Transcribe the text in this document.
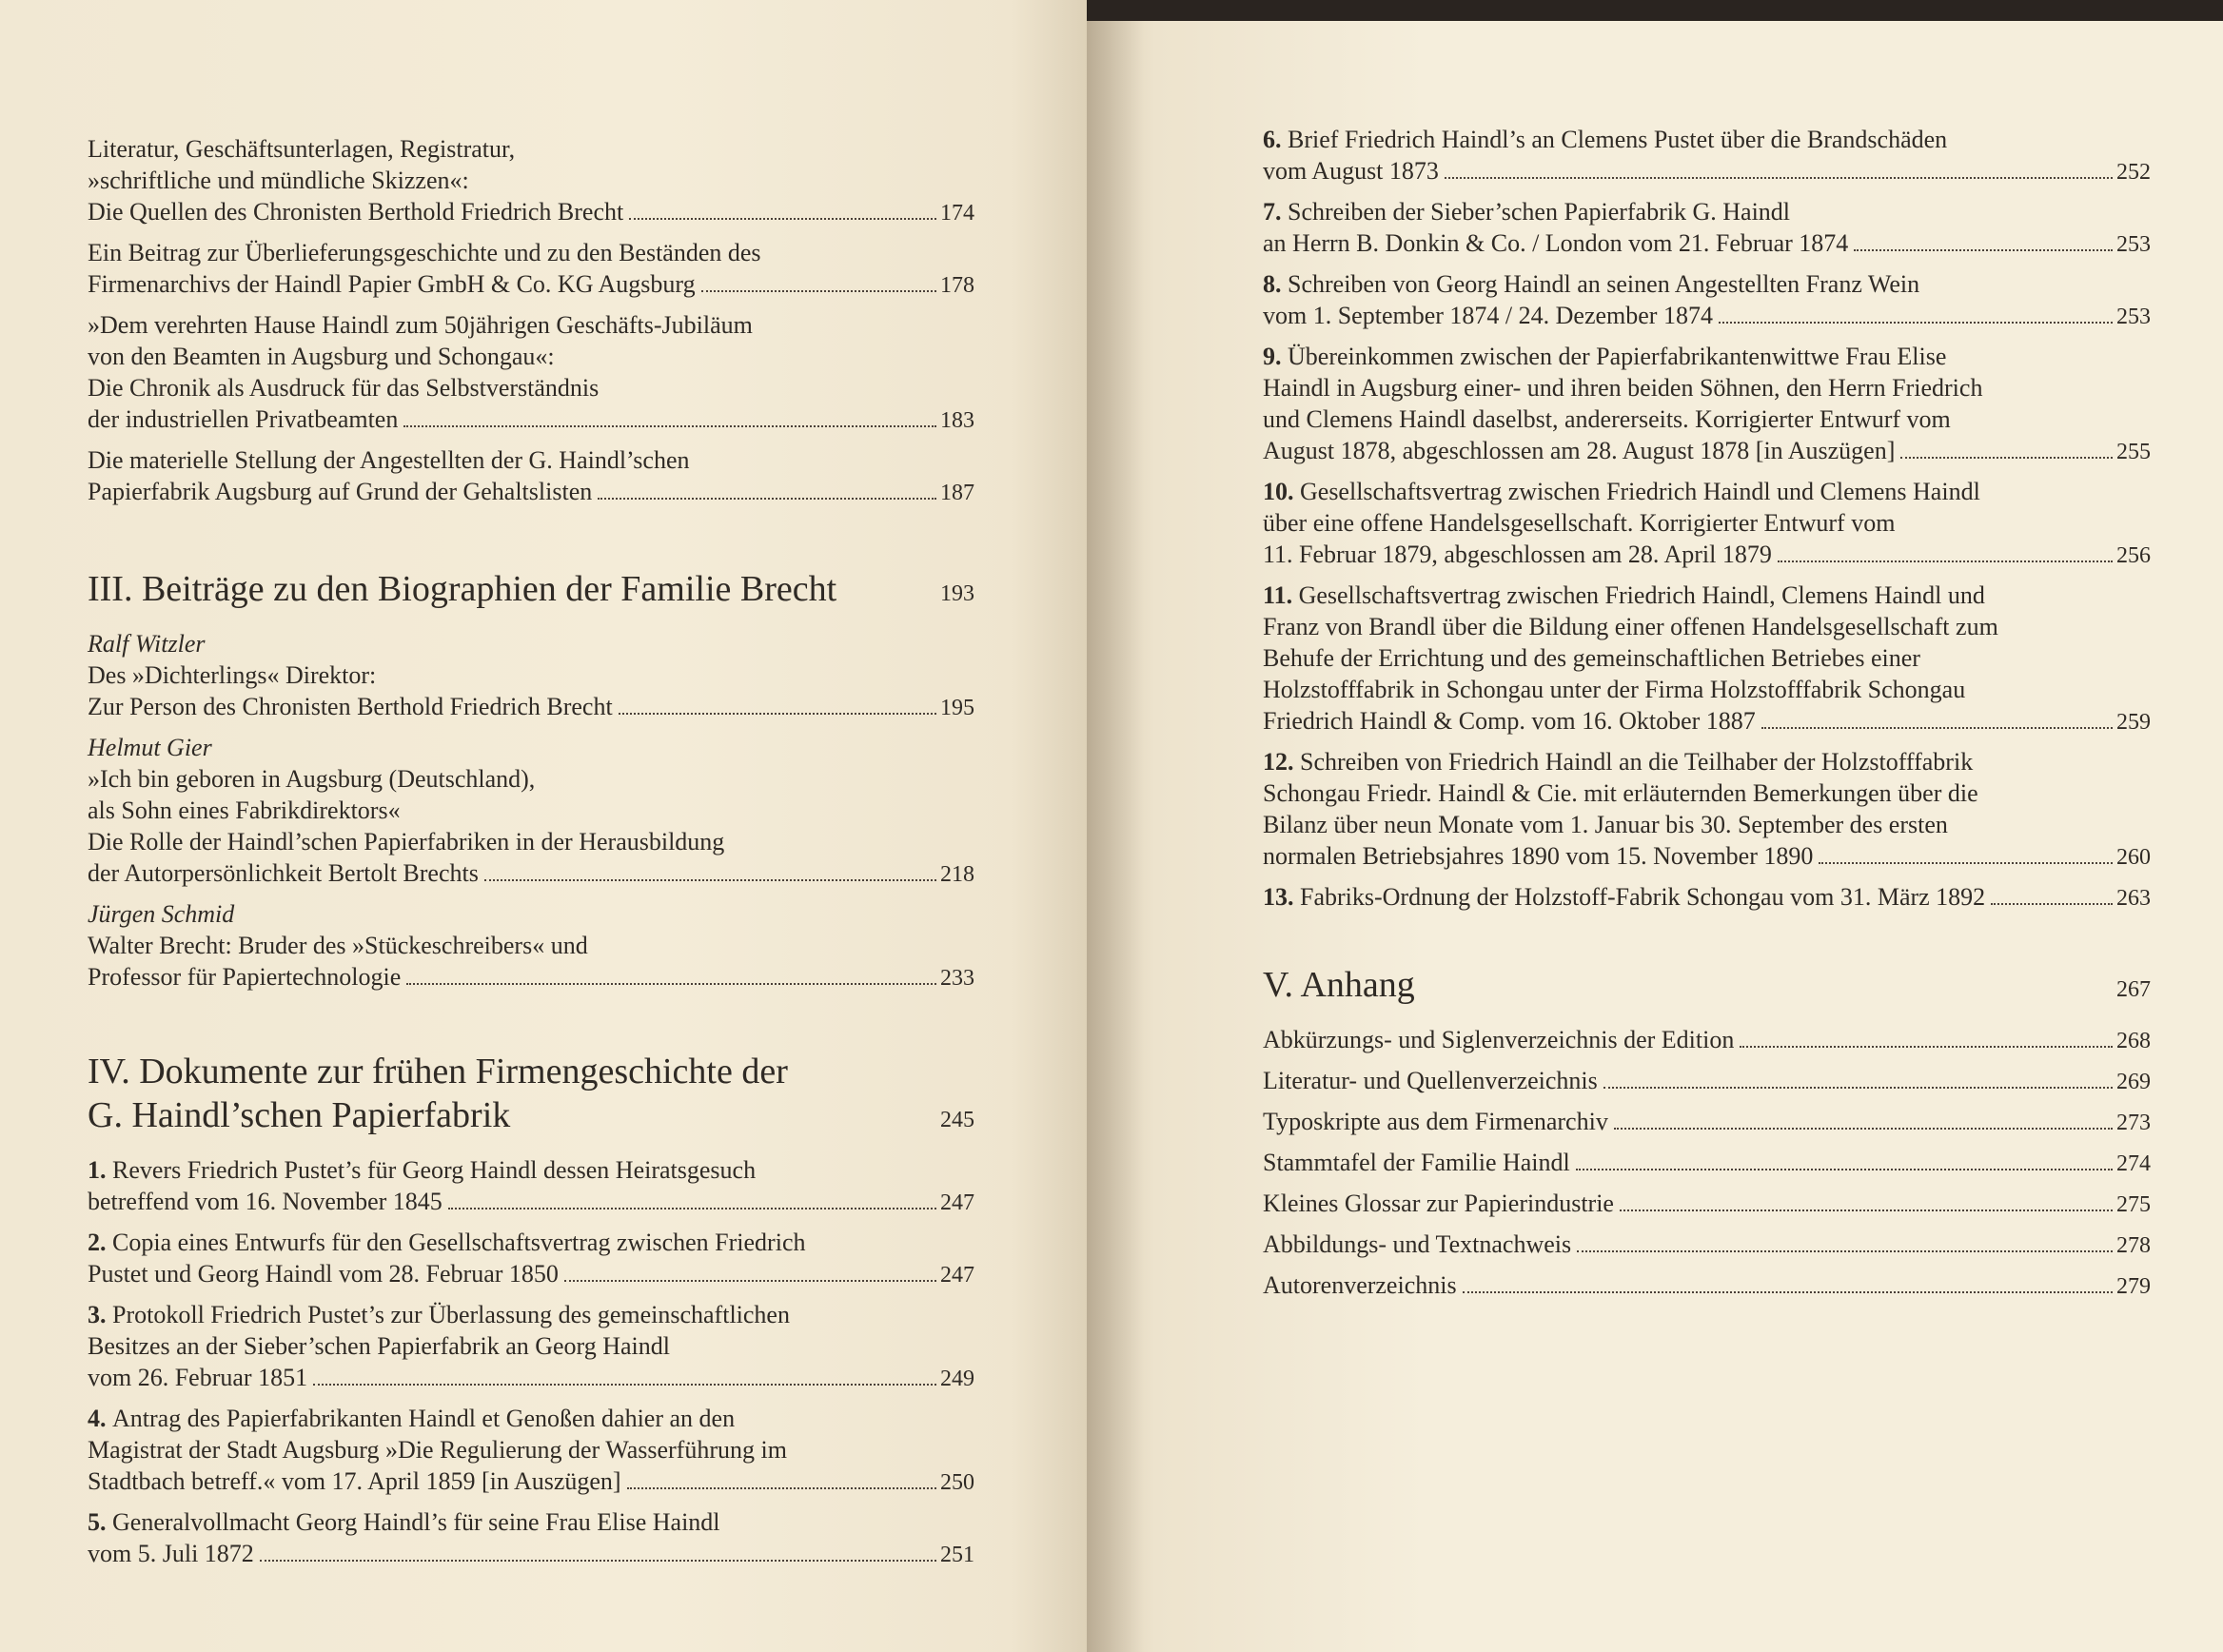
Literatur, Geschäftsunterlagen, Registratur,
»schriftliche und mündliche Skizzen«:
Die Quellen des Chronisten Berthold Friedrich Brecht	174
Ein Beitrag zur Überlieferungsgeschichte und zu den Beständen des
Firmenarchivs der Haindl Papier GmbH & Co. KG Augsburg	178
»Dem verehrten Hause Haindl zum 50jährigen Geschäfts-Jubiläum
von den Beamten in Augsburg und Schongau«:
Die Chronik als Ausdruck für das Selbstverständnis
der industriellen Privatbeamten	183
Die materielle Stellung der Angestellten der G. Haindl’schen
Papierfabrik Augsburg auf Grund der Gehaltslisten	187
III. Beiträge zu den Biographien der Familie Brecht	193
Ralf Witzler
Des »Dichterlings« Direktor:
Zur Person des Chronisten Berthold Friedrich Brecht	195
Helmut Gier
»Ich bin geboren in Augsburg (Deutschland),
als Sohn eines Fabrikdirektors«
Die Rolle der Haindl’schen Papierfabriken in der Herausbildung
der Autorpersönlichkeit Bertolt Brechts	218
Jürgen Schmid
Walter Brecht: Bruder des »Stückeschreibers« und
Professor für Papiertechnologie	233
IV. Dokumente zur frühen Firmengeschichte der
G. Haindl’schen Papierfabrik	245
1.
Revers Friedrich Pustet’s für Georg Haindl dessen Heiratsgesuch
betreffend vom 16. November 1845	247
2.
Copia eines Entwurfs für den Gesellschaftsvertrag zwischen Friedrich
Pustet und Georg Haindl vom 28. Februar 1850	247
3.
Protokoll Friedrich Pustet’s zur Überlassung des gemeinschaftlichen
Besitzes an der Sieber’schen Papierfabrik an Georg Haindl
vom 26. Februar 1851	249
4.
Antrag des Papierfabrikanten Haindl et Genoßen dahier an den
Magistrat der Stadt Augsburg »Die Regulierung der Wasserführung im
Stadtbach betreff.« vom 17. April 1859 [in Auszügen]	250
5.
Generalvollmacht Georg Haindl’s für seine Frau Elise Haindl
vom 5. Juli 1872	251
6.
Brief Friedrich Haindl’s an Clemens Pustet über die Brandschäden
vom August 1873	252
7.
Schreiben der Sieber’schen Papierfabrik G. Haindl
an Herrn B. Donkin & Co. / London vom 21. Februar 1874	253
8.
Schreiben von Georg Haindl an seinen Angestellten Franz Wein
vom 1. September 1874 / 24. Dezember 1874	253
9.
Übereinkommen zwischen der Papierfabrikantenwittwe Frau Elise
Haindl in Augsburg einer- und ihren beiden Söhnen, den Herrn Friedrich
und Clemens Haindl daselbst, andererseits. Korrigierter Entwurf vom
August 1878, abgeschlossen am 28. August 1878 [in Auszügen]	255
10.
Gesellschaftsvertrag zwischen Friedrich Haindl und Clemens Haindl
über eine offene Handelsgesellschaft. Korrigierter Entwurf vom
11. Februar 1879, abgeschlossen am 28. April 1879	256
11.
Gesellschaftsvertrag zwischen Friedrich Haindl, Clemens Haindl und
Franz von Brandl über die Bildung einer offenen Handelsgesellschaft zum
Behufe der Errichtung und des gemeinschaftlichen Betriebes einer
Holzstofffabrik in Schongau unter der Firma Holzstofffabrik Schongau
Friedrich Haindl & Comp. vom 16. Oktober 1887	259
12.
Schreiben von Friedrich Haindl an die Teilhaber der Holzstofffabrik
Schongau Friedr. Haindl & Cie. mit erläuternden Bemerkungen über die
Bilanz über neun Monate vom 1. Januar bis 30. September des ersten
normalen Betriebsjahres 1890 vom 15. November 1890	260
13.
Fabriks-Ordnung der Holzstoff-Fabrik Schongau vom 31. März 1892	263
V. Anhang	267
Abkürzungs- und Siglenverzeichnis der Edition	268
Literatur- und Quellenverzeichnis	269
Typoskripte aus dem Firmenarchiv	273
Stammtafel der Familie Haindl	274
Kleines Glossar zur Papierindustrie	275
Abbildungs- und Textnachweis	278
Autorenverzeichnis	279
